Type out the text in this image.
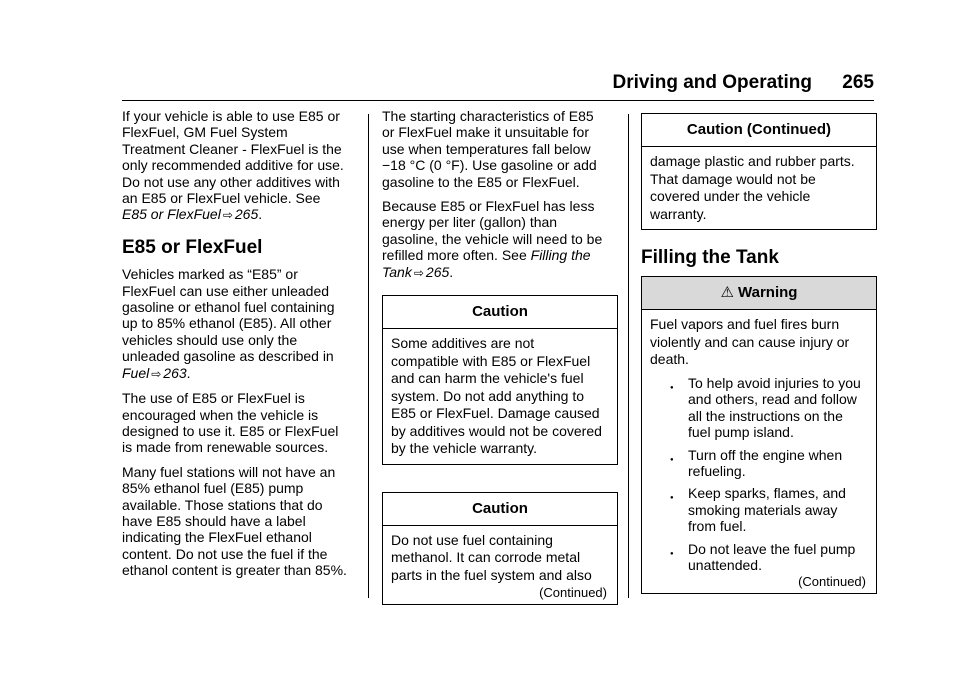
Driving and Operating 265

If your vehicle is able to use E85 or
FlexFuel, GM Fuel System
Treatment Cleaner - FlexFuel is the
only recommended additive for use.
Do not use any other additives with
an E85 or FlexFuel vehicle. See
E85 or FlexFuel ⇨ 265.

E85 or FlexFuel

Vehicles marked as “E85” or
FlexFuel can use either unleaded
gasoline or ethanol fuel containing
up to 85% ethanol (E85). All other
vehicles should use only the
unleaded gasoline as described in
Fuel ⇨ 263.

The use of E85 or FlexFuel is
encouraged when the vehicle is
designed to use it. E85 or FlexFuel
is made from renewable sources.

Many fuel stations will not have an
85% ethanol fuel (E85) pump
available. Those stations that do
have E85 should have a label
indicating the FlexFuel ethanol
content. Do not use the fuel if the
ethanol content is greater than 85%.

The starting characteristics of E85
or FlexFuel make it unsuitable for
use when temperatures fall below
−18 °C (0 °F). Use gasoline or add
gasoline to the E85 or FlexFuel.

Because E85 or FlexFuel has less
energy per liter (gallon) than
gasoline, the vehicle will need to be
refilled more often. See Filling the
Tank ⇨ 265.

Caution
Some additives are not
compatible with E85 or FlexFuel
and can harm the vehicle's fuel
system. Do not add anything to
E85 or FlexFuel. Damage caused
by additives would not be covered
by the vehicle warranty.
Caution
Do not use fuel containing
methanol. It can corrode metal
parts in the fuel system and also
(Continued)
Caution (Continued)
damage plastic and rubber parts.
That damage would not be
covered under the vehicle
warranty.
Filling the Tank
⚠ Warning

Fuel vapors and fuel fires burn
violently and can cause injury or
death.

● To help avoid injuries to you
and others, read and follow
all the instructions on the
fuel pump island.
● Turn off the engine when
refueling.
● Keep sparks, flames, and
smoking materials away
from fuel.
● Do not leave the fuel pump
unattended.
(Continued)
